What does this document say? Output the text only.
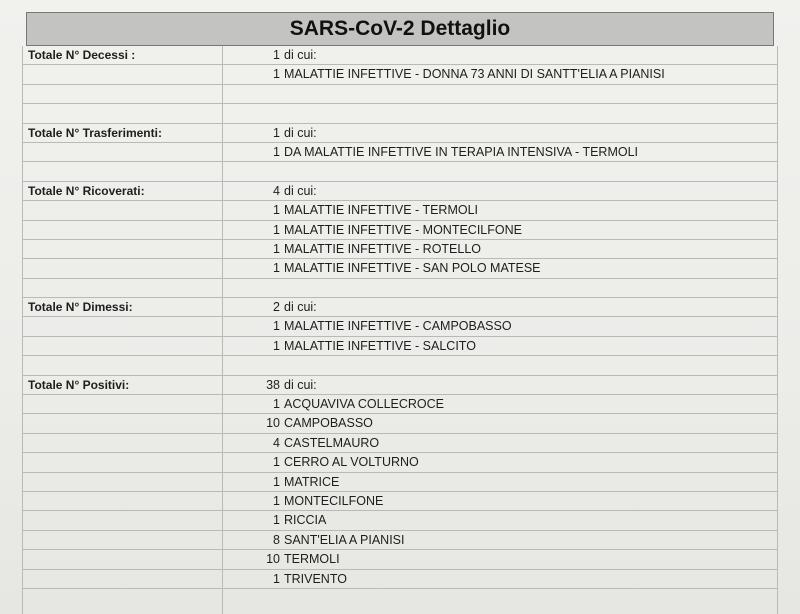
SARS-CoV-2 Dettaglio
Totale N° Decessi :	1 di cui:
1 MALATTIE INFETTIVE - DONNA 73 ANNI DI SANTT'ELIA A PIANISI
Totale N° Trasferimenti:	1 di cui:
1 DA MALATTIE INFETTIVE IN TERAPIA INTENSIVA - TERMOLI
Totale N° Ricoverati:	4 di cui:
1 MALATTIE INFETTIVE - TERMOLI
1 MALATTIE INFETTIVE - MONTECILFONE
1 MALATTIE INFETTIVE - ROTELLO
1 MALATTIE INFETTIVE - SAN POLO MATESE
Totale N° Dimessi:	2 di cui:
1 MALATTIE INFETTIVE - CAMPOBASSO
1 MALATTIE INFETTIVE - SALCITO
Totale N° Positivi:	38 di cui:
1 ACQUAVIVA COLLECROCE
10 CAMPOBASSO
4 CASTELMAURO
1 CERRO AL VOLTURNO
1 MATRICE
1 MONTECILFONE
1 RICCIA
8 SANT'ELIA A PIANISI
10 TERMOLI
1 TRIVENTO
